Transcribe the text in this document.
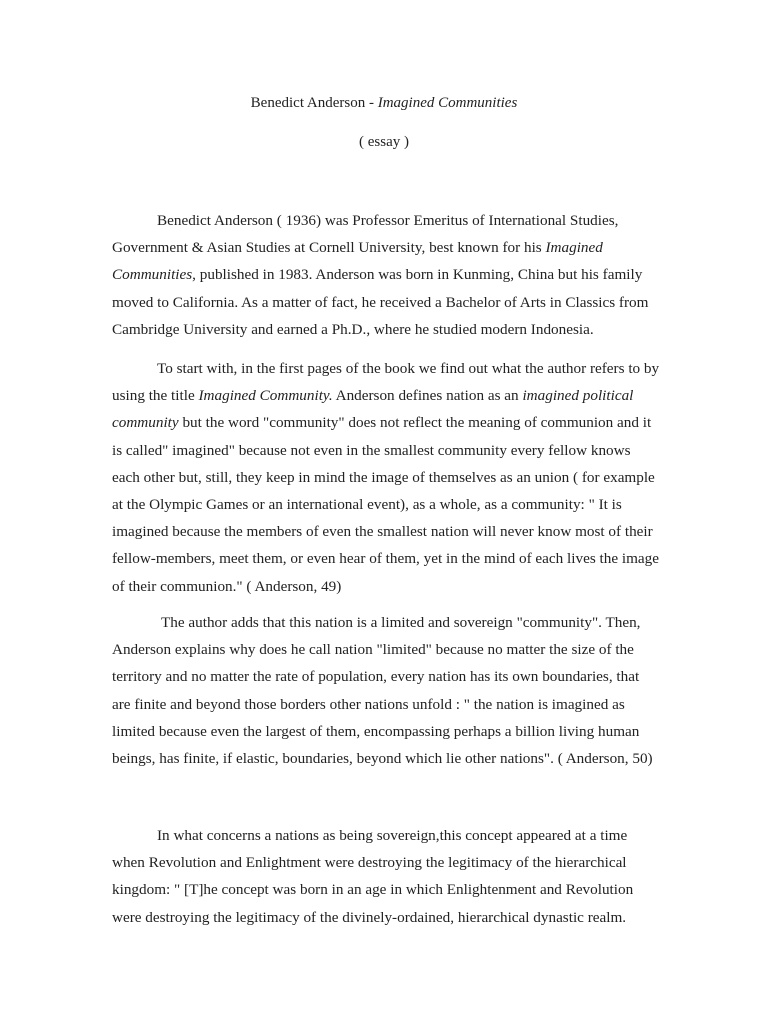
Benedict Anderson - Imagined Communities
( essay )

Benedict Anderson ( 1936) was Professor Emeritus of International Studies, Government & Asian Studies at Cornell University, best known for his Imagined Communities, published in 1983. Anderson was born in Kunming, China but his family moved to California. As a matter of fact, he received a Bachelor of Arts in Classics from Cambridge University and earned a Ph.D., where he studied modern Indonesia.

To start with, in the first pages of the book we find out what the author refers to by using the title Imagined Community. Anderson defines nation as an imagined political community but the word "community" does not reflect the meaning of communion and it is called" imagined" because not even in the smallest community every fellow knows each other but, still, they keep in mind the image of themselves as an union ( for example at the Olympic Games or an international event), as a whole, as a community: " It is imagined because the members of even the smallest nation will never know most of their fellow-members, meet them, or even hear of them, yet in the mind of each lives the image of their communion." ( Anderson, 49)

The author adds that this nation is a limited and sovereign "community". Then, Anderson explains why does he call nation "limited" because no matter the size of the territory and no matter the rate of population, every nation has its own boundaries, that are finite and beyond those borders other nations unfold : " the nation is imagined as limited because even the largest of them, encompassing perhaps a billion living human beings, has finite, if elastic, boundaries, beyond which lie other nations". ( Anderson, 50)

In what concerns a nations as being sovereign,this concept appeared at a time when Revolution and Enlightment were destroying the legitimacy of the hierarchical kingdom: " [T]he concept was born in an age in which Enlightenment and Revolution were destroying the legitimacy of the divinely-ordained, hierarchical dynastic realm.
